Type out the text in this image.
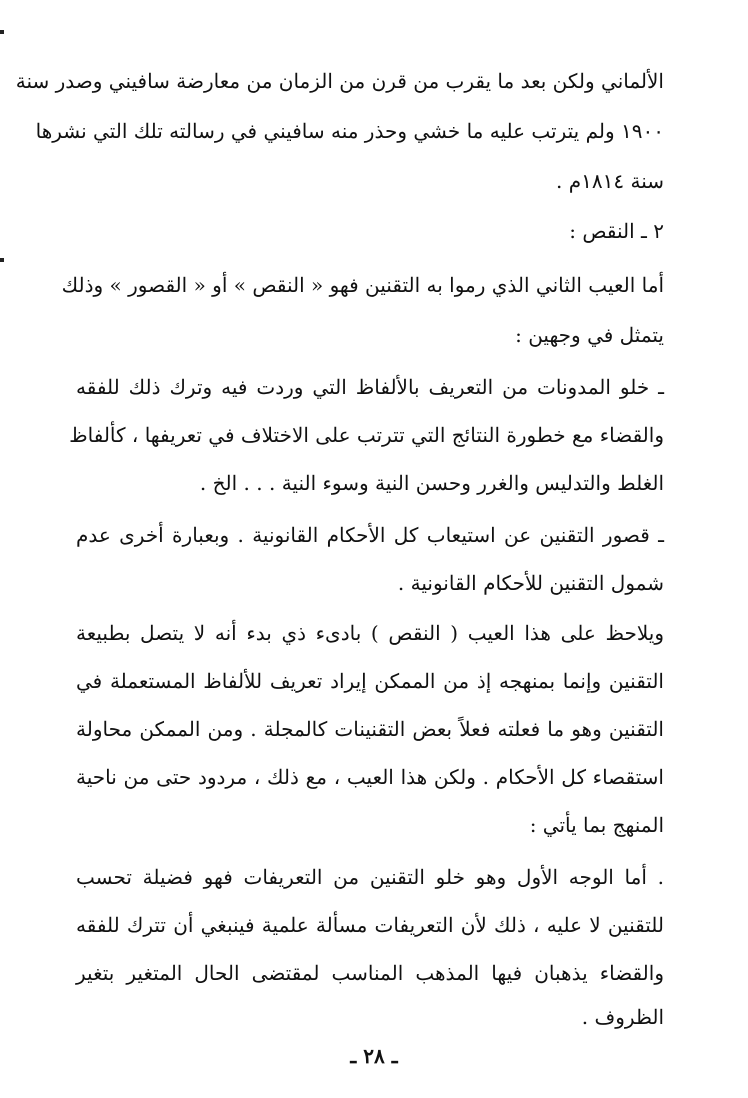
الألماني ولكن بعد ما يقرب من قرن من الزمان من معارضة سافيني وصدر سنة
١٩٠٠ ولم يترتب عليه ما خشي وحذر منه سافيني في رسالته تلك التي نشرها
سنة ١٨١٤م .
٢ ـ النقص :
أما العيب الثاني الذي رموا به التقنين فهو « النقص » أو « القصور » وذلك
يتمثل في وجهين :
ـ خلو المدونات من التعريف بالألفاظ التي وردت فيه وترك ذلك للفقه
والقضاء مع خطورة النتائج التي تترتب على الاختلاف في تعريفها ، كألفاظ
الغلط والتدليس والغرر وحسن النية وسوء النية . . . الخ .
ـ قصور التقنين عن استيعاب كل الأحكام القانونية . وبعبارة أخرى عدم
شمول التقنين للأحكام القانونية .
ويلاحظ على هذا العيب ( النقص ) بادىء ذي بدء أنه لا يتصل بطبيعة
التقنين وإنما بمنهجه إذ من الممكن إيراد تعريف للألفاظ المستعملة في
التقنين وهو ما فعلته فعلاً بعض التقنينات كالمجلة . ومن الممكن محاولة
استقصاء كل الأحكام . ولكن هذا العيب ، مع ذلك ، مردود حتى من ناحية
المنهج بما يأتي :
. أما الوجه الأول وهو خلو التقنين من التعريفات فهو فضيلة تحسب
للتقنين لا عليه ، ذلك لأن التعريفات مسألة علمية فينبغي أن تترك للفقه
والقضاء يذهبان فيها المذهب المناسب لمقتضى الحال المتغير بتغير
الظروف .
ـ ٢٨ ـ
